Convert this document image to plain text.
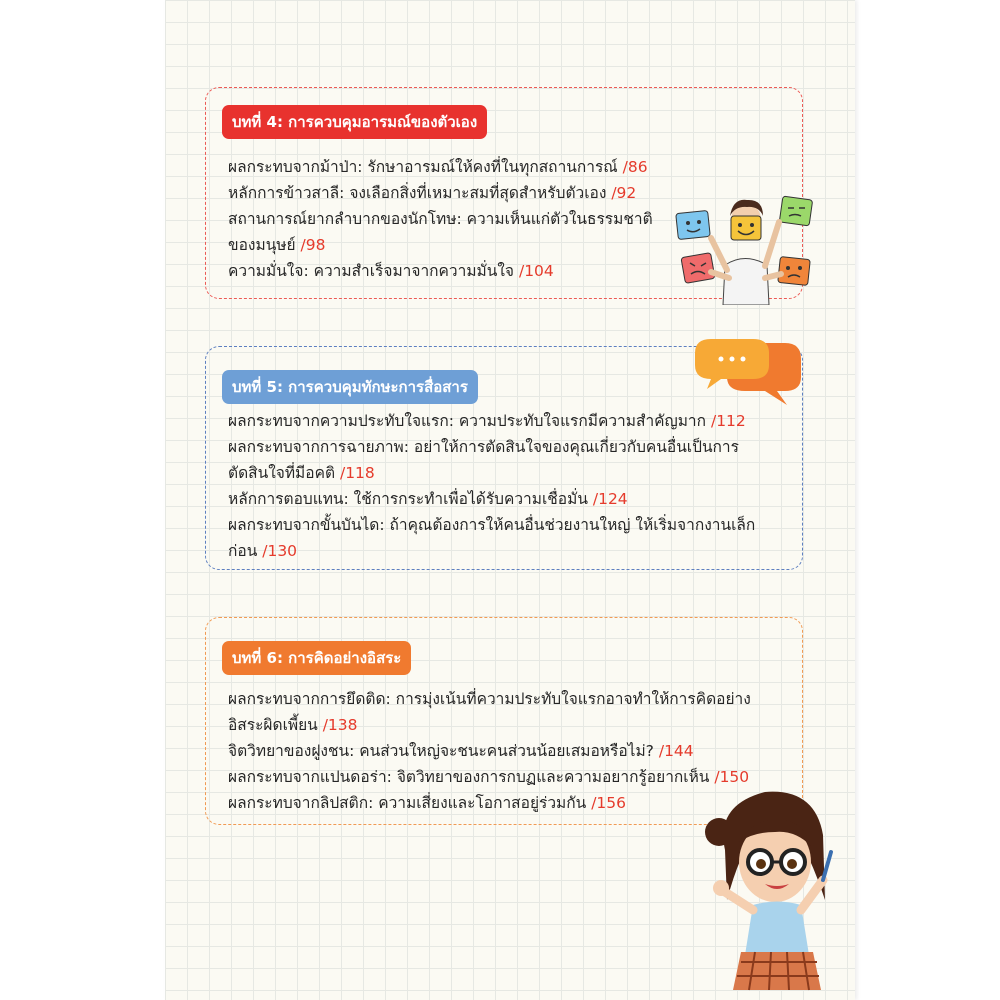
บทที่ 4: การควบคุมอารมณ์ของตัวเอง
ผลกระทบจากม้าป่า: รักษาอารมณ์ให้คงที่ในทุกสถานการณ์ /86
หลักการข้าวสาลี: จงเลือกสิ่งที่เหมาะสมที่สุดสำหรับตัวเอง /92
สถานการณ์ยากลำบากของนักโทษ: ความเห็นแก่ตัวในธรรมชาติของมนุษย์ /98
ความมั่นใจ: ความสำเร็จมาจากความมั่นใจ /104
บทที่ 5: การควบคุมทักษะการสื่อสาร
ผลกระทบจากความประทับใจแรก: ความประทับใจแรกมีความสำคัญมาก /112
ผลกระทบจากการฉายภาพ: อย่าให้การตัดสินใจของคุณเกี่ยวกับคนอื่นเป็นการตัดสินใจที่มีอคติ /118
หลักการตอบแทน: ใช้การกระทำเพื่อได้รับความเชื่อมั่น /124
ผลกระทบจากขั้นบันได: ถ้าคุณต้องการให้คนอื่นช่วยงานใหญ่ ให้เริ่มจากงานเล็กก่อน /130
บทที่ 6: การคิดอย่างอิสระ
ผลกระทบจากการยึดติด: การมุ่งเน้นที่ความประทับใจแรกอาจทำให้การคิดอย่างอิสระผิดเพี้ยน /138
จิตวิทยาของฝูงชน: คนส่วนใหญ่จะชนะคนส่วนน้อยเสมอหรือไม่? /144
ผลกระทบจากแปนดอร่า: จิตวิทยาของการกบฏและความอยากรู้อยากเห็น /150
ผลกระทบจากลิปสติก: ความเสี่ยงและโอกาสอยู่ร่วมกัน /156
